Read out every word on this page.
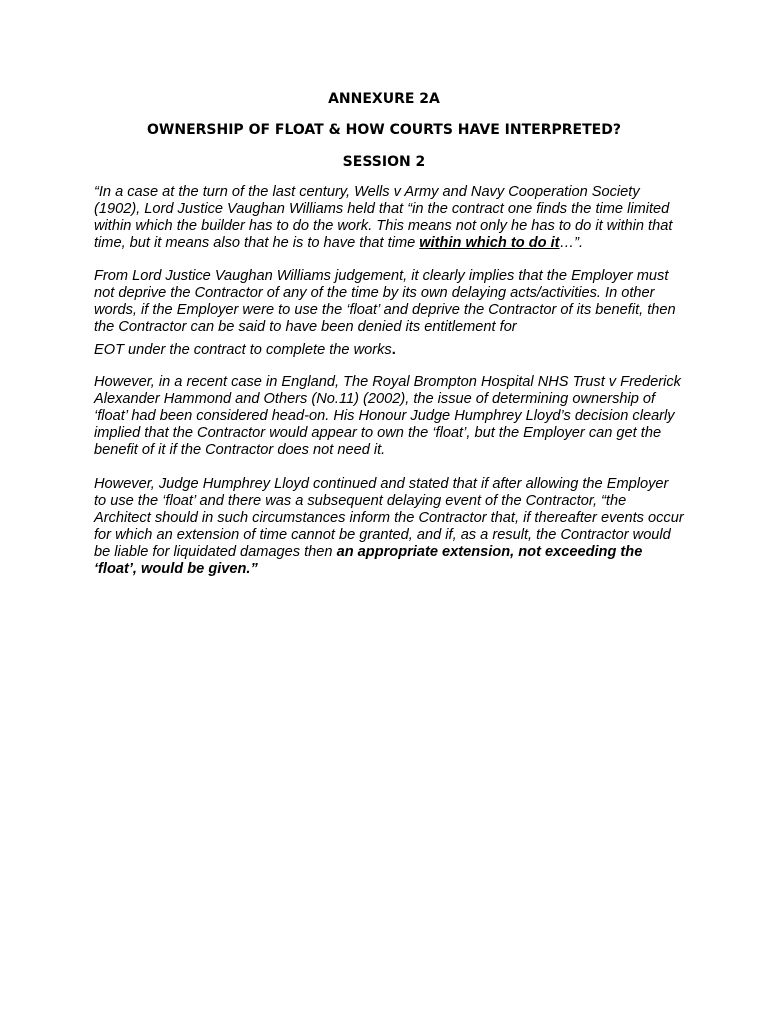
ANNEXURE 2A
OWNERSHIP OF FLOAT & HOW COURTS HAVE INTERPRETED?
SESSION 2

“In a case at the turn of the last century, Wells v Army and Navy Cooperation Society (1902), Lord Justice Vaughan Williams held that “in the contract one finds the time limited within which the builder has to do the work. This means not only he has to do it within that time, but it means also that he is to have that time within which to do it…”.

From Lord Justice Vaughan Williams judgement, it clearly implies that the Employer must not deprive the Contractor of any of the time by its own delaying acts/activities. In other words, if the Employer were to use the ‘float’ and deprive the Contractor of its benefit, then the Contractor can be said to have been denied its entitlement for

EOT under the contract to complete the works.

However, in a recent case in England, The Royal Brompton Hospital NHS Trust v Frederick Alexander Hammond and Others (No.11) (2002), the issue of determining ownership of ‘float’ had been considered head-on. His Honour Judge Humphrey Lloyd’s decision clearly implied that the Contractor would appear to own the ‘float’, but the Employer can get the benefit of it if the Contractor does not need it.

However, Judge Humphrey Lloyd continued and stated that if after allowing the Employer to use the ‘float’ and there was a subsequent delaying event of the Contractor, “the Architect should in such circumstances inform the Contractor that, if thereafter events occur for which an extension of time cannot be granted, and if, as a result, the Contractor would be liable for liquidated damages then an appropriate extension, not exceeding the ‘float’, would be given.”
